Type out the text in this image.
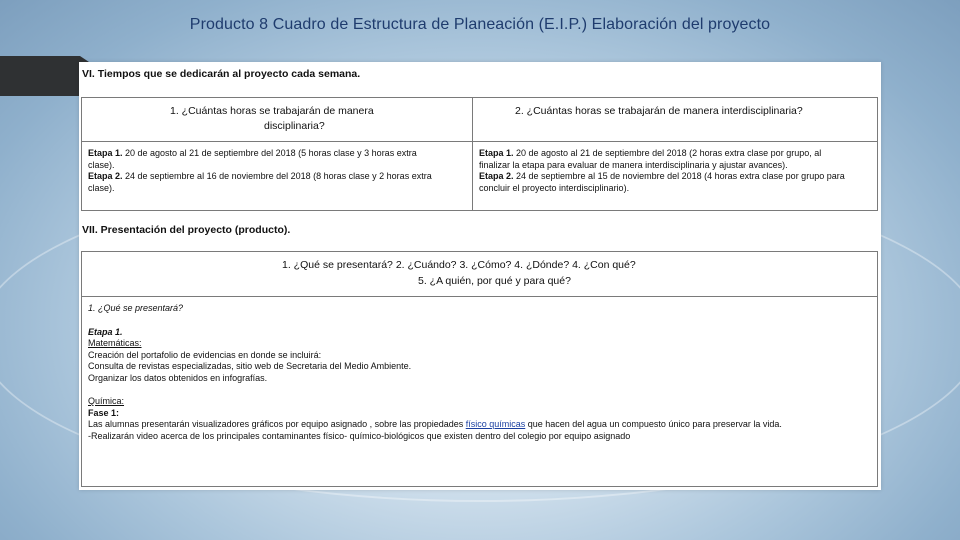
Producto 8 Cuadro de Estructura de Planeación (E.I.P.) Elaboración del proyecto
VI. Tiempos que se dedicarán al proyecto cada semana.
1. ¿Cuántas horas se trabajarán de manera
disciplinaria?
2. ¿Cuántas horas se trabajarán de manera interdisciplinaria?
Etapa 1. 20 de agosto al 21 de septiembre del 2018 (5 horas clase y 3 horas extra
clase).
Etapa 2. 24 de septiembre al 16 de noviembre del 2018 (8 horas clase y 2 horas extra
clase).
Etapa 1. 20 de agosto al 21 de septiembre del 2018 (2 horas extra clase por grupo, al
finalizar la etapa para evaluar de manera interdisciplinaria y ajustar avances).
Etapa 2. 24 de septiembre al 15 de noviembre del 2018 (4 horas extra clase por grupo para
concluir el proyecto interdisciplinario).
VII. Presentación del proyecto (producto).
1. ¿Qué se presentará? 2. ¿Cuándo? 3. ¿Cómo? 4. ¿Dónde? 4. ¿Con qué?
5. ¿A quién, por qué y para qué?
1. ¿Qué se presentará?
Etapa 1.
Matemáticas:
Creación del portafolio de evidencias en donde se incluirá:
Consulta de revistas especializadas, sitio web de Secretaria del Medio Ambiente.
Organizar los datos obtenidos en infografías.
Química:
Fase 1:
Las alumnas presentarán visualizadores gráficos por equipo asignado , sobre las propiedades físico químicas que hacen del agua un compuesto único para preservar la vida.
-Realizarán video acerca de los principales contaminantes físico- químico-biológicos que existen dentro del colegio por equipo asignado
